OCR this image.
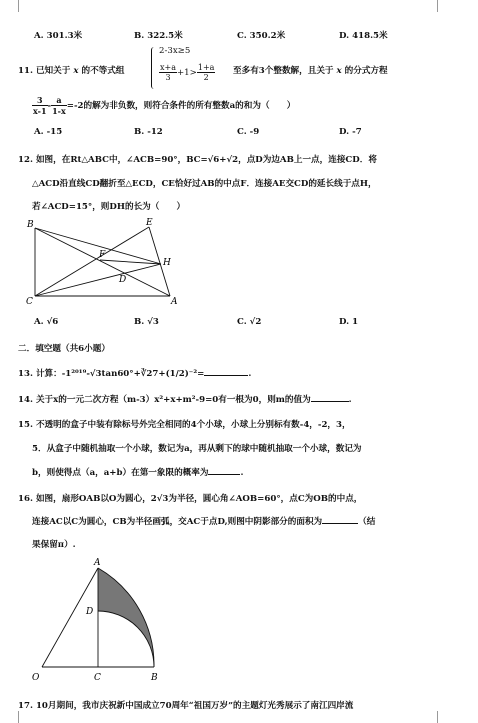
A. 301.3米	B. 322.5米	C. 350.2米	D. 418.5米
11. 已知关于 x 的不等式组
2-3x≥5
$\frac{x+a}{3} +1> \frac{1+a}{2}$ 至多有3个整数解，且关于 x 的分式方程
$\frac{3}{x-1} - \frac{a}{1-x} =-2$的解为非负数，则符合条件的所有整数a的和为（　　）
A. -15	B. -12	C. -9	D. -7
12. 如图，在Rt△ABC中，∠ACB=90°，BC=√6+√2，点D为边AB上一点，连接CD．将
△ACD沿直线CD翻折至△ECD，CE恰好过AB的中点F．连接AE交CD的延长线于点H，
若∠ACD=15°，则DH的长为（　　）
B	E
F
H
D
C	A
A. √6	B. √3	C. √2	D. 1
二．填空题（共6小题）
13. 计算：-1²⁰¹⁹-√3tan60°+∛27+(1/2)⁻²=	.
14. 关于x的一元二次方程（m-3）x²+x+m²-9=0有一根为0，则m的值为	.
15. 不透明的盒子中装有除标号外完全相同的4个小球，小球上分别标有数-4，-2，3，
5．从盒子中随机抽取一个小球，数记为a，再从剩下的球中随机抽取一个小球，数记为
b，则使得点（a，a+b）在第一象限的概率为	.
16. 如图，扇形OAB以O为圆心，2√3为半径，圆心角∠AOB=60°，点C为OB的中点，
连接AC以C为圆心，CB为半径画弧，交AC于点D,则图中阴影部分的面积为	（结
果保留π）.
A
D
O	C	B
17. 10月期间，我市庆祝新中国成立70周年“祖国万岁”的主题灯光秀展示了南江四岸流
